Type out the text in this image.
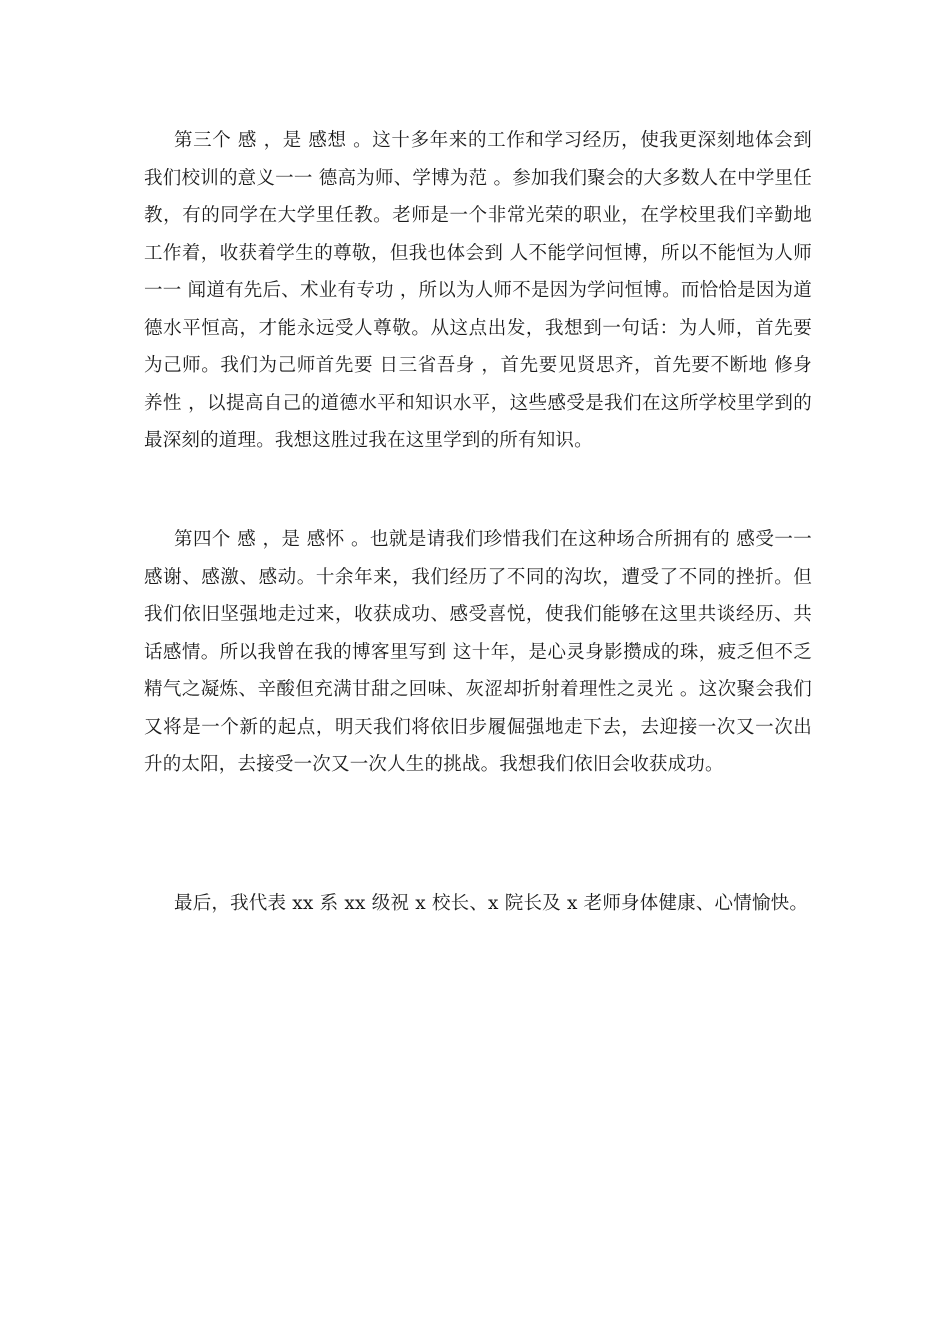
第三个 感 ，是 感想 。这十多年来的工作和学习经历，使我更深刻地体会到我们校训的意义一一 德高为师、学博为范 。参加我们聚会的大多数人在中学里任教，有的同学在大学里任教。老师是一个非常光荣的职业，在学校里我们辛勤地工作着，收获着学生的尊敬，但我也体会到 人不能学问恒博，所以不能恒为人师 一一 闻道有先后、术业有专功 ，所以为人师不是因为学问恒博。而恰恰是因为道德水平恒高，才能永远受人尊敬。从这点出发，我想到一句话：为人师，首先要为己师。我们为己师首先要 日三省吾身 ，首先要见贤思齐，首先要不断地 修身养性 ，以提高自己的道德水平和知识水平，这些感受是我们在这所学校里学到的最深刻的道理。我想这胜过我在这里学到的所有知识。

第四个 感 ，是 感怀 。也就是请我们珍惜我们在这种场合所拥有的 感受一一感谢、感激、感动。十余年来，我们经历了不同的沟坎，遭受了不同的挫折。但我们依旧坚强地走过来，收获成功、感受喜悦，使我们能够在这里共谈经历、共话感情。所以我曾在我的博客里写到 这十年，是心灵身影攒成的珠，疲乏但不乏精气之凝炼、辛酸但充满甘甜之回味、灰涩却折射着理性之灵光 。这次聚会我们又将是一个新的起点，明天我们将依旧步履倔强地走下去，去迎接一次又一次出升的太阳，去接受一次又一次人生的挑战。我想我们依旧会收获成功。

最后，我代表 xx 系 xx 级祝 x 校长、x 院长及 x 老师身体健康、心情愉快。
